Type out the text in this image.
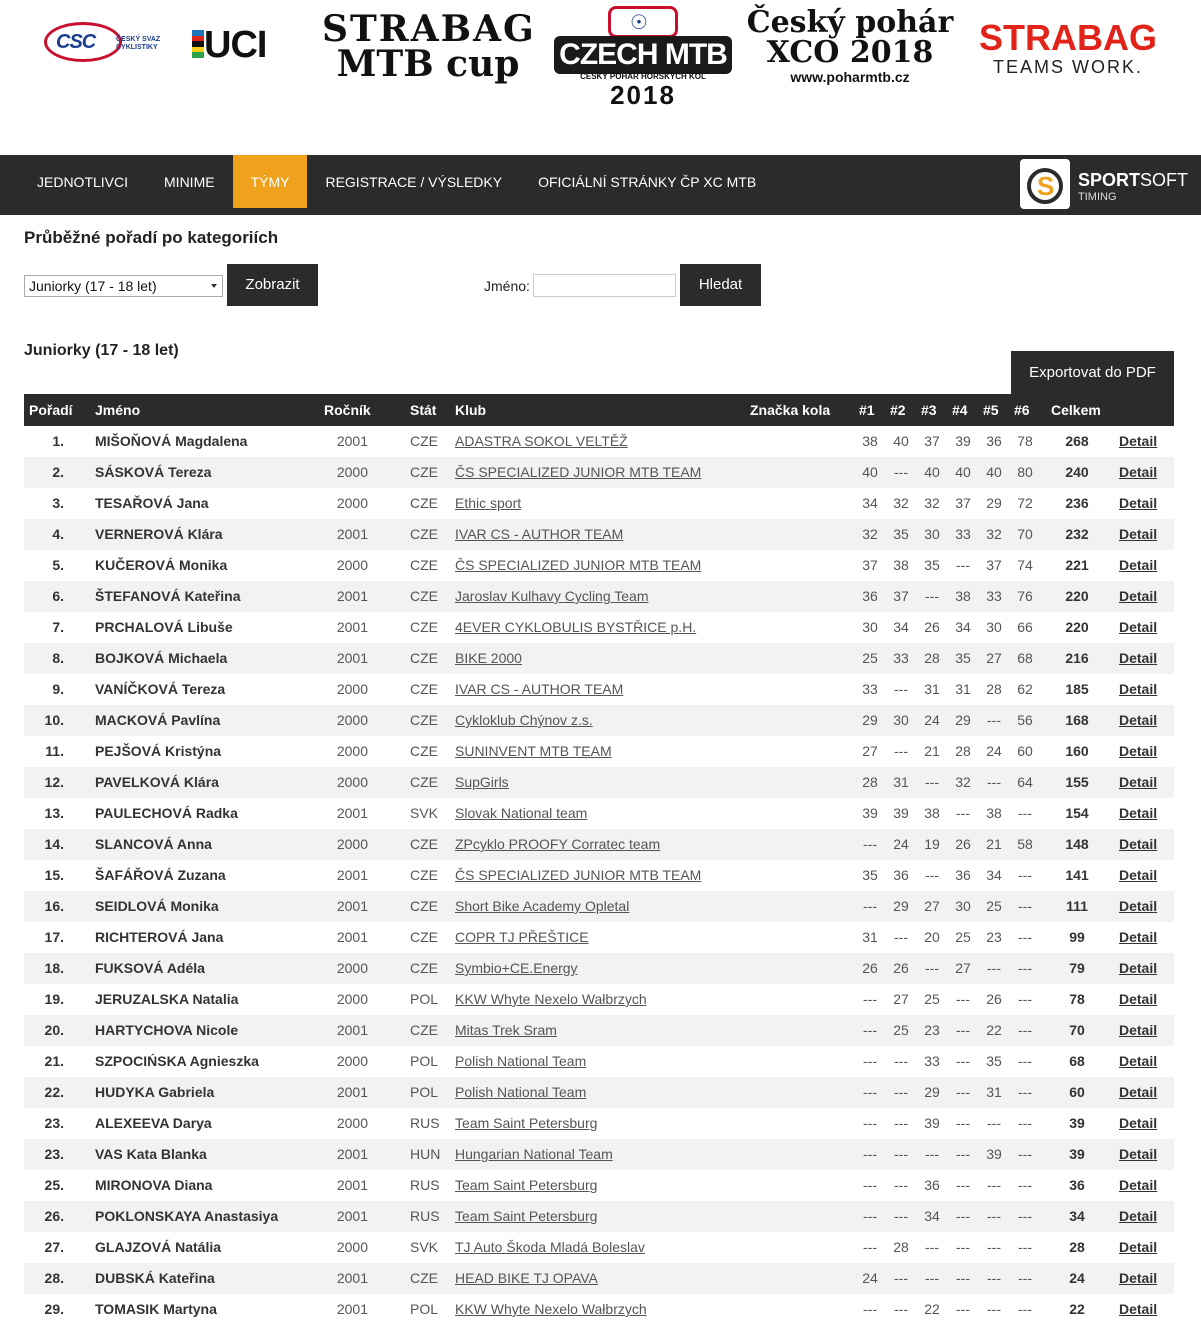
CSC	ČESKÝ SVAZ CYKLISTIKY UCI STRABAG
MTB cup
☉
CZECH MTB
ČESKÝ POHÁR HORSKÝCH KOL
2018
Český pohár
XCO 2018
www.poharmtb.cz
STRABAG
TEAMS WORK.
JEDNOTLIVCI	MINIME	TÝMY	REGISTRACE / VÝSLEDKY	OFICIÁLNÍ STRÁNKY ČP XC MTB	S SPORTSOFT
TIMING
Průběžné pořadí po kategoriích
Juniorky (17 - 18 let)	Zobrazit	Jméno:	Hledat
Juniorky (17 - 18 let)
Exportovat do PDF
Pořadí Jméno	Ročník	Stát Klub	Značka kola #1 #2 #3 #4 #5 #6 Celkem
1. MIŠOŇOVÁ Magdalena	2001	CZE ADASTRA SOKOL VELTĚŽ	38	40	37	39	36	78	268	Detail
2. SÁSKOVÁ Tereza	2000	CZE ČS SPECIALIZED JUNIOR MTB TEAM	40	---	40	40	40	80	240	Detail
3. TESAŘOVÁ Jana	2000	CZE Ethic sport	34	32	32	37	29	72	236	Detail
4. VERNEROVÁ Klára	2001	CZE IVAR CS - AUTHOR TEAM	32	35	30	33	32	70	232	Detail
5. KUČEROVÁ Monika	2000	CZE ČS SPECIALIZED JUNIOR MTB TEAM	37	38	35	---	37	74	221	Detail
6. ŠTEFANOVÁ Kateřina	2001	CZE Jaroslav Kulhavy Cycling Team	36	37	---	38	33	76	220	Detail
7. PRCHALOVÁ Libuše	2001	CZE 4EVER CYKLOBULIS BYSTŘICE p.H.	30	34	26	34	30	66	220	Detail
8. BOJKOVÁ Michaela	2001	CZE BIKE 2000	25	33	28	35	27	68	216	Detail
9. VANÍČKOVÁ Tereza	2000	CZE IVAR CS - AUTHOR TEAM	33	---	31	31	28	62	185	Detail
10. MACKOVÁ Pavlína	2000	CZE Cykloklub Chýnov z.s.	29	30	24	29	---	56	168	Detail
11. PEJŠOVÁ Kristýna	2000	CZE SUNINVENT MTB TEAM	27	---	21	28	24	60	160	Detail
12. PAVELKOVÁ Klára	2000	CZE SupGirls	28	31	---	32	---	64	155	Detail
13. PAULECHOVÁ Radka	2001	SVK Slovak National team	39	39	38	---	38	---	154	Detail
14. SLANCOVÁ Anna	2000	CZE ZPcyklo PROOFY Corratec team	---	24	19	26	21	58	148	Detail
15. ŠAFÁŘOVÁ Zuzana	2001	CZE ČS SPECIALIZED JUNIOR MTB TEAM	35	36	---	36	34	---	141	Detail
16. SEIDLOVÁ Monika	2001	CZE Short Bike Academy Opletal	---	29	27	30	25	---	111	Detail
17. RICHTEROVÁ Jana	2001	CZE COPR TJ PŘEŠTICE	31	---	20	25	23	---	99	Detail
18. FUKSOVÁ Adéla	2000	CZE Symbio+CE.Energy	26	26	---	27	---	---	79	Detail
19. JERUZALSKA Natalia	2000	POL KKW Whyte Nexelo Wałbrzych	---	27	25	---	26	---	78	Detail
20. HARTYCHOVA Nicole	2001	CZE Mitas Trek Sram	---	25	23	---	22	---	70	Detail
21. SZPOCIŃSKA Agnieszka	2000	POL Polish National Team	---	---	33	---	35	---	68	Detail
22. HUDYKA Gabriela	2001	POL Polish National Team	---	---	29	---	31	---	60	Detail
23. ALEXEEVA Darya	2000	RUS Team Saint Petersburg	---	---	39	---	---	---	39	Detail
23. VAS Kata Blanka	2001	HUN Hungarian National Team	---	---	---	---	39	---	39	Detail
25. MIRONOVA Diana	2001	RUS Team Saint Petersburg	---	---	36	---	---	---	36	Detail
26. POKLONSKAYA Anastasiya	2001	RUS Team Saint Petersburg	---	---	34	---	---	---	34	Detail
27. GLAJZOVÁ Natália	2000	SVK TJ Auto Škoda Mladá Boleslav	---	28	---	---	---	---	28	Detail
28. DUBSKÁ Kateřina	2001	CZE HEAD BIKE TJ OPAVA	24	---	---	---	---	---	24	Detail
29. TOMASIK Martyna	2001	POL KKW Whyte Nexelo Wałbrzych	---	---	22	---	---	---	22	Detail
